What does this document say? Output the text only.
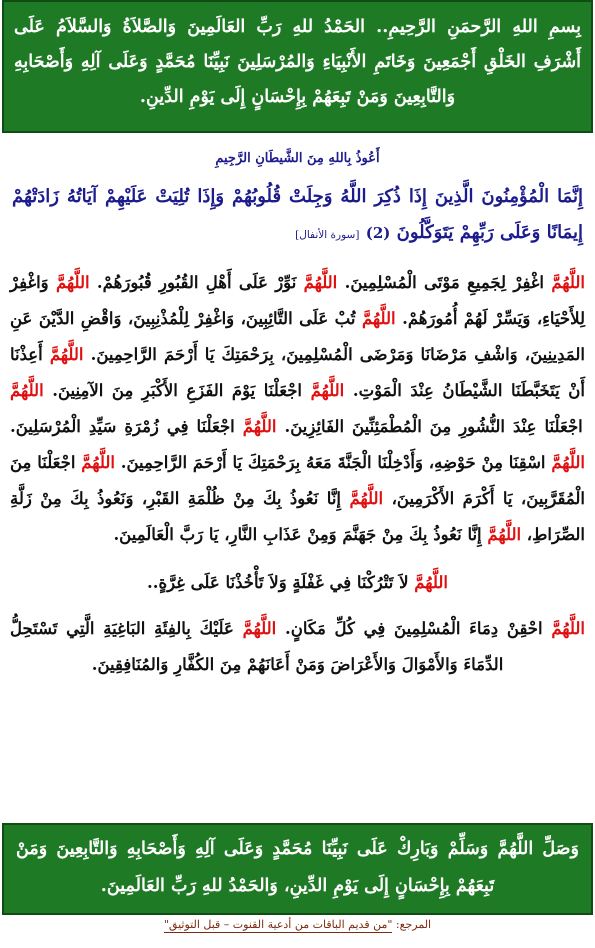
بِسمِ اللهِ الرَّحمَنِ الرَّحِيمِ.. الحَمْدُ للهِ رَبِّ العَالَمِينَ وَالصَّلاَةُ وَالسَّلاَمُ عَلَى أَشْرَفِ الخَلْقِ أَجْمَعِينَ وَخَاتَمِ الأَنْبِيَاءِ وَالمُرْسَلِينَ نَبِيِّنَا مُحَمَّدٍ وَعَلَى آلِهِ وَأَصْحَابِهِ وَالتَّابِعِينَ وَمَنْ تَبِعَهُمْ بِإِحْسَانٍ إِلَى يَوْمِ الدِّينِ.
أَعُوذُ بِاللهِ مِنَ الشَّيطَانِ الرَّجِيمِ
إِنَّمَا الْمُؤْمِنُونَ الَّذِينَ إِذَا ذُكِرَ اللَّهُ وَجِلَتْ قُلُوبُهُمْ وَإِذَا تُلِيَتْ عَلَيْهِمْ آيَاتُهُ زَادَتْهُمْ إِيمَانًا وَعَلَى رَبِّهِمْ يَتَوَكَّلُونَ (2) [سورة الأنفال]
اللَّهُمَّ اغْفِرْ لِجَمِيعِ مَوْتَى الْمُسْلِمِينَ. اللَّهُمَّ نَوِّرْ عَلَى أَهْلِ القُبُورِ قُبُورَهُمْ. اللَّهُمَّ وَاغْفِرْ لِلأَحْيَاءِ، وَيَسِّرْ لَهُمْ أُمُورَهُمْ. اللَّهُمَّ تُبْ عَلَى التَّائِبِينَ، وَاغْفِرْ لِلْمُذْنِبِينَ، وَاقْضِ الدَّيْنَ عَنِ المَدِينِينَ، وَاشْفِ مَرْضَانَا وَمَرْضَى الْمُسْلِمِينَ، بِرَحْمَتِكَ يَا أَرْحَمَ الرَّاحِمِينَ. اللَّهُمَّ أَعِذْنَا أَنْ يَتَخَبَّطَنَا الشَّيْطَانُ عِنْدَ الْمَوْتِ. اللَّهُمَّ اجْعَلْنَا يَوْمَ الفَزَعِ الأَكْبَرِ مِنَ الآمِنِينَ. اللَّهُمَّ اجْعَلْنَا عِنْدَ النُّشُورِ مِنَ الْمُطْمَئِنِّينَ الفَائِزِينَ. اللَّهُمَّ اجْعَلْنَا فِي زُمْرَةِ سَيِّدِ الْمُرْسَلِينَ. اللَّهُمَّ اسْقِنَا مِنْ حَوْضِهِ، وَأَدْخِلْنَا الْجَنَّةَ مَعَهُ بِرَحْمَتِكَ يَا أَرْحَمَ الرَّاحِمِينَ. اللَّهُمَّ اجْعَلْنَا مِنَ الْمُقَرَّبِينَ، يَا أَكْرَمَ الأَكْرَمِينَ، اللَّهُمَّ إِنَّا نَعُوذُ بِكَ مِنْ ظُلْمَةِ القَبْرِ، وَنَعُوذُ بِكَ مِنْ زَلَّةِ الصِّرَاطِ، اللَّهُمَّ إِنَّا نَعُوذُ بِكَ مِنْ جَهَنَّمَ وَمِنْ عَذَابِ النَّارِ، يَا رَبَّ الْعَالَمِينَ.
اللَّهُمَّ لاَ تَتْرُكْنَا فِي غَفْلَةٍ وَلاَ تَأْخُذْنَا عَلَى غِرَّةٍ..
اللَّهُمَّ احْقِنْ دِمَاءَ الْمُسْلِمِينَ فِي كُلِّ مَكَانٍ. اللَّهُمَّ عَلَيْكَ بِالفِئَةِ البَاغِيَةِ الَّتِي تَسْتَحِلُّ الدِّمَاءَ وَالأَمْوَالَ وَالأَعْرَاضَ وَمَنْ أَعَانَهُمْ مِنَ الكُفَّارِ وَالمُنَافِقِينَ.
وَصَلِّ اللَّهُمَّ وَسَلِّمْ وَبَارِكْ عَلَى نَبِيِّنَا مُحَمَّدٍ وَعَلَى آلِهِ وَأَصْحَابِهِ وَالتَّابِعِينَ وَمَنْ تَبِعَهُمْ بِإِحْسَانٍ إِلَى يَوْمِ الدِّينِ، وَالحَمْدُ للهِ رَبِّ العَالَمِينَ.
المرجع: "من قديم الباقات من أدعية القنوت – قبل التوثيق"
